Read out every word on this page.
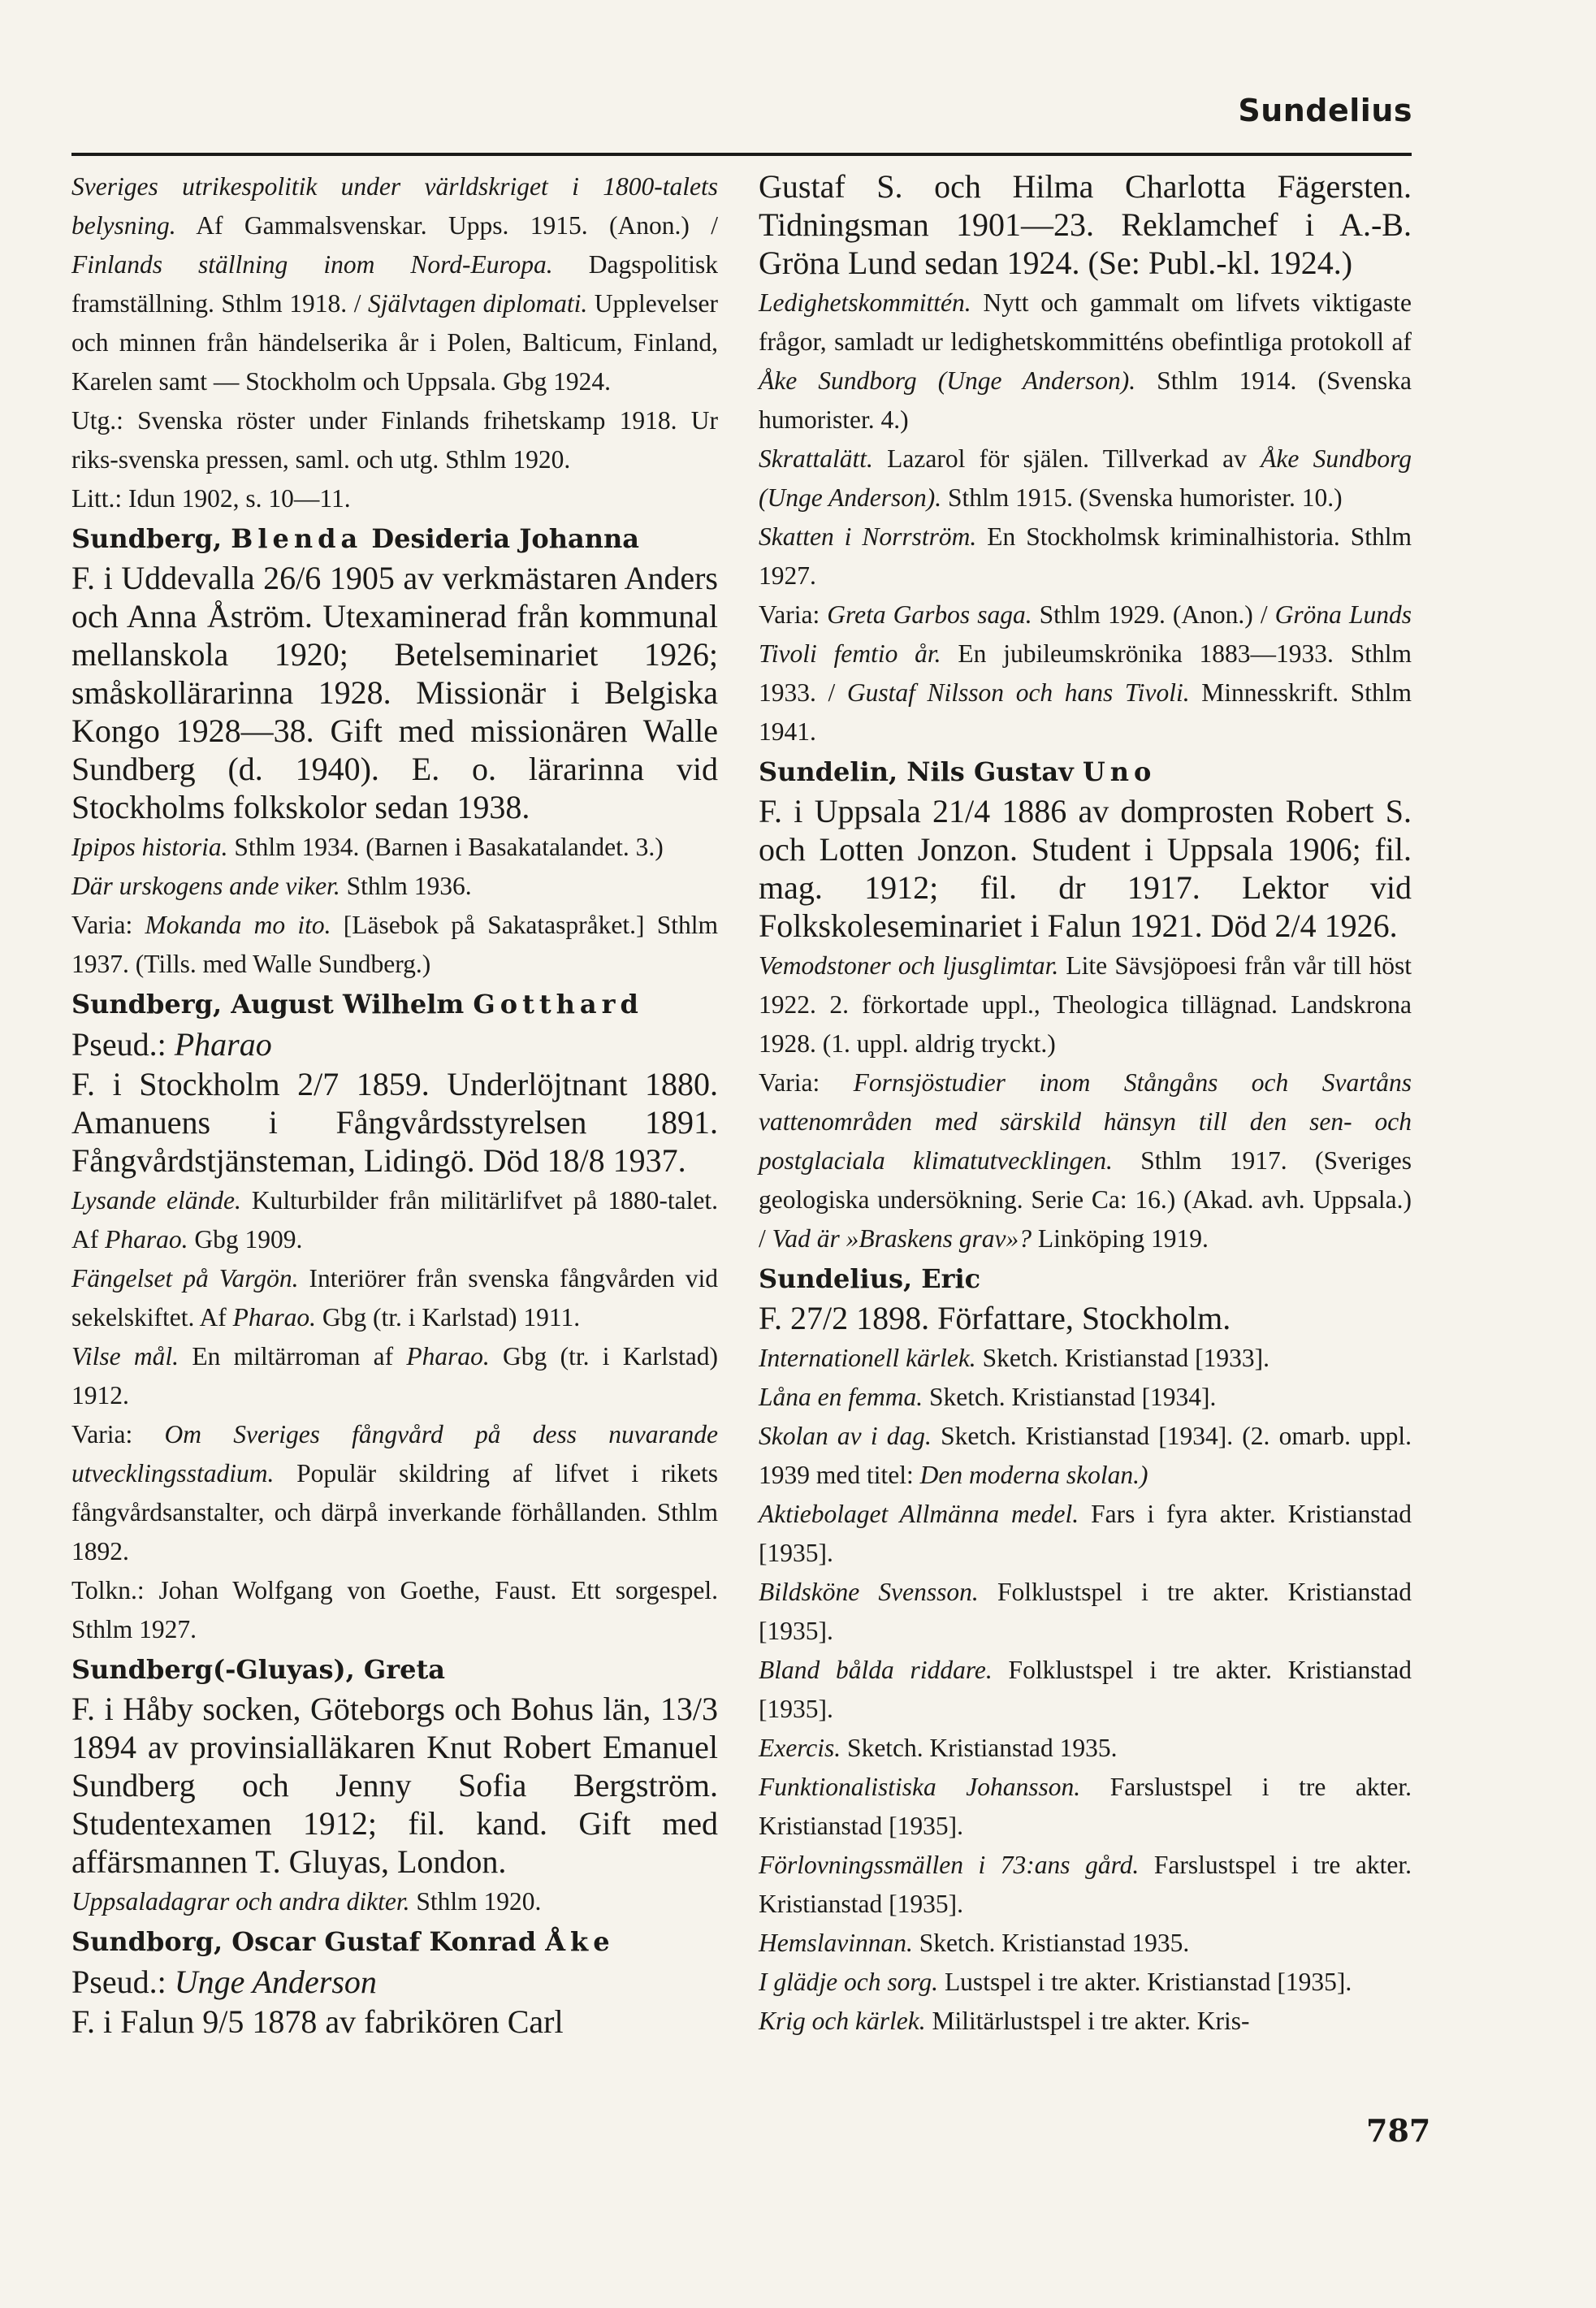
Sundelius

Sveriges utrikespolitik under världskriget i 1800-talets belysning. Af Gammalsvenskar. Upps. 1915. (Anon.) / Finlands ställning inom Nord-Europa. Dagspolitisk framställning. Sthlm 1918. / Självtagen diplomati. Upplevelser och minnen från händelserika år i Polen, Balticum, Finland, Karelen samt — Stockholm och Uppsala. Gbg 1924.

Utg.: Svenska röster under Finlands frihetskamp 1918. Ur riks-svenska pressen, saml. och utg. Sthlm 1920.

Litt.: Idun 1902, s. 10—11.

Sundberg, Blenda Desideria Johanna

F. i Uddevalla 26/6 1905 av verkmästaren Anders och Anna Åström. Utexaminerad från kommunal mellanskola 1920; Betelseminariet 1926; småskollärarinna 1928. Missionär i Belgiska Kongo 1928—38. Gift med missionären Walle Sundberg (d. 1940). E. o. lärarinna vid Stockholms folkskolor sedan 1938.

Ipipos historia. Sthlm 1934. (Barnen i Basakatalandet. 3.)

Där urskogens ande viker. Sthlm 1936.

Varia: Mokanda mo ito. [Läsebok på Sakataspråket.] Sthlm 1937. (Tills. med Walle Sundberg.)

Sundberg, August Wilhelm Gotthard

Pseud.: Pharao

F. i Stockholm 2/7 1859. Underlöjtnant 1880. Amanuens i Fångvårdsstyrelsen 1891. Fångvårdstjänsteman, Lidingö. Död 18/8 1937.

Lysande elände. Kulturbilder från militärlifvet på 1880-talet. Af Pharao. Gbg 1909.

Fängelset på Vargön. Interiörer från svenska fångvården vid sekelskiftet. Af Pharao. Gbg (tr. i Karlstad) 1911.

Vilse mål. En miltärroman af Pharao. Gbg (tr. i Karlstad) 1912.

Varia: Om Sveriges fångvård på dess nuvarande utvecklingsstadium. Populär skildring af lifvet i rikets fångvårdsanstalter, och därpå inverkande förhållanden. Sthlm 1892.

Tolkn.: Johan Wolfgang von Goethe, Faust. Ett sorgespel. Sthlm 1927.

Sundberg(-Gluyas), Greta

F. i Håby socken, Göteborgs och Bohus län, 13/3 1894 av provinsialläkaren Knut Robert Emanuel Sundberg och Jenny Sofia Bergström. Studentexamen 1912; fil. kand. Gift med affärsmannen T. Gluyas, London.

Uppsaladagrar och andra dikter. Sthlm 1920.

Sundborg, Oscar Gustaf Konrad Åke

Pseud.: Unge Anderson

F. i Falun 9/5 1878 av fabrikören Carl

Gustaf S. och Hilma Charlotta Fägersten. Tidningsman 1901—23. Reklamchef i A.-B. Gröna Lund sedan 1924. (Se: Publ.-kl. 1924.)

Ledighetskommittén. Nytt och gammalt om lifvets viktigaste frågor, samladt ur ledighetskommitténs obefintliga protokoll af Åke Sundborg (Unge Anderson). Sthlm 1914. (Svenska humorister. 4.)

Skrattalätt. Lazarol för själen. Tillverkad av Åke Sundborg (Unge Anderson). Sthlm 1915. (Svenska humorister. 10.)

Skatten i Norrström. En Stockholmsk kriminalhistoria. Sthlm 1927.

Varia: Greta Garbos saga. Sthlm 1929. (Anon.) / Gröna Lunds Tivoli femtio år. En jubileumskrönika 1883—1933. Sthlm 1933. / Gustaf Nilsson och hans Tivoli. Minnesskrift. Sthlm 1941.

Sundelin, Nils Gustav Uno

F. i Uppsala 21/4 1886 av domprosten Robert S. och Lotten Jonzon. Student i Uppsala 1906; fil. mag. 1912; fil. dr 1917. Lektor vid Folkskoleseminariet i Falun 1921. Död 2/4 1926.

Vemodstoner och ljusglimtar. Lite Sävsjöpoesi från vår till höst 1922. 2. förkortade uppl., Theologica tillägnad. Landskrona 1928. (1. uppl. aldrig tryckt.)

Varia: Fornsjöstudier inom Stångåns och Svartåns vattenområden med särskild hänsyn till den sen- och postglaciala klimatutvecklingen. Sthlm 1917. (Sveriges geologiska undersökning. Serie Ca: 16.) (Akad. avh. Uppsala.) / Vad är »Braskens grav»? Linköping 1919.

Sundelius, Eric

F. 27/2 1898. Författare, Stockholm.

Internationell kärlek. Sketch. Kristianstad [1933].

Låna en femma. Sketch. Kristianstad [1934].

Skolan av i dag. Sketch. Kristianstad [1934]. (2. omarb. uppl. 1939 med titel: Den moderna skolan.)

Aktiebolaget Allmänna medel. Fars i fyra akter. Kristianstad [1935].

Bildsköne Svensson. Folklustspel i tre akter. Kristianstad [1935].

Bland bålda riddare. Folklustspel i tre akter. Kristianstad [1935].

Exercis. Sketch. Kristianstad 1935.

Funktionalistiska Johansson. Farslustspel i tre akter. Kristianstad [1935].

Förlovningssmällen i 73:ans gård. Farslustspel i tre akter. Kristianstad [1935].

Hemslavinnan. Sketch. Kristianstad 1935.

I glädje och sorg. Lustspel i tre akter. Kristianstad [1935].

Krig och kärlek. Militärlustspel i tre akter. Kris-

787
